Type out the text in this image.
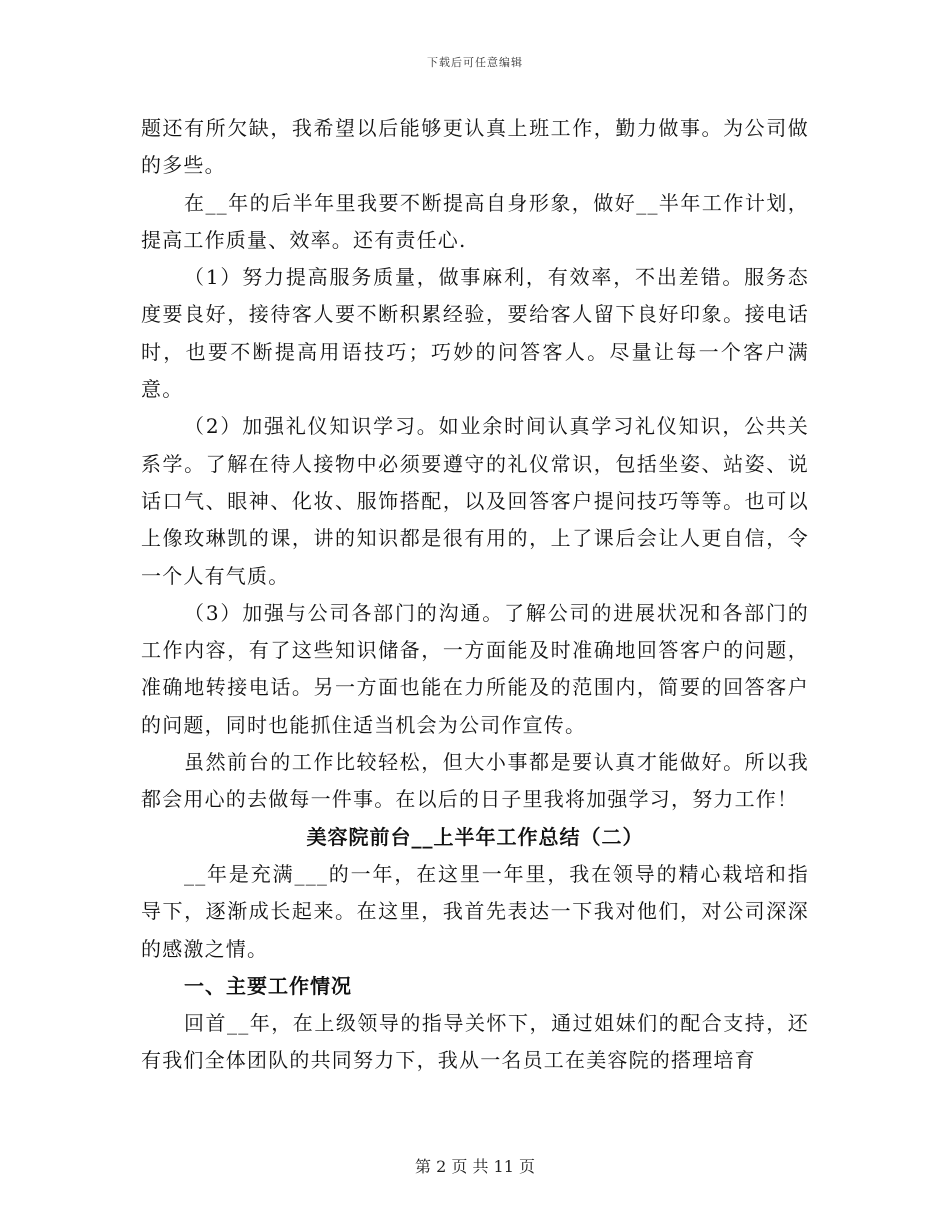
下载后可任意编辑

题还有所欠缺，我希望以后能够更认真上班工作，勤力做事。为公司做的多些。

在__年的后半年里我要不断提高自身形象，做好__半年工作计划，提高工作质量、效率。还有责任心.

（1）努力提高服务质量，做事麻利，有效率，不出差错。服务态度要良好，接待客人要不断积累经验，要给客人留下良好印象。接电话时，也要不断提高用语技巧；巧妙的问答客人。尽量让每一个客户满意。

（2）加强礼仪知识学习。如业余时间认真学习礼仪知识，公共关系学。了解在待人接物中必须要遵守的礼仪常识，包括坐姿、站姿、说话口气、眼神、化妆、服饰搭配，以及回答客户提问技巧等等。也可以上像玫琳凯的课，讲的知识都是很有用的，上了课后会让人更自信，令一个人有气质。

（3）加强与公司各部门的沟通。了解公司的进展状况和各部门的工作内容，有了这些知识储备，一方面能及时准确地回答客户的问题，准确地转接电话。另一方面也能在力所能及的范围内，简要的回答客户的问题，同时也能抓住适当机会为公司作宣传。

虽然前台的工作比较轻松，但大小事都是要认真才能做好。所以我都会用心的去做每一件事。在以后的日子里我将加强学习，努力工作！

美容院前台__上半年工作总结（二）

__年是充满___的一年，在这里一年里，我在领导的精心栽培和指导下，逐渐成长起来。在这里，我首先表达一下我对他们，对公司深深的感激之情。

一、主要工作情况

回首__年，在上级领导的指导关怀下，通过姐妹们的配合支持，还有我们全体团队的共同努力下，我从一名员工在美容院的搭理培育

第 2 页 共 11 页
